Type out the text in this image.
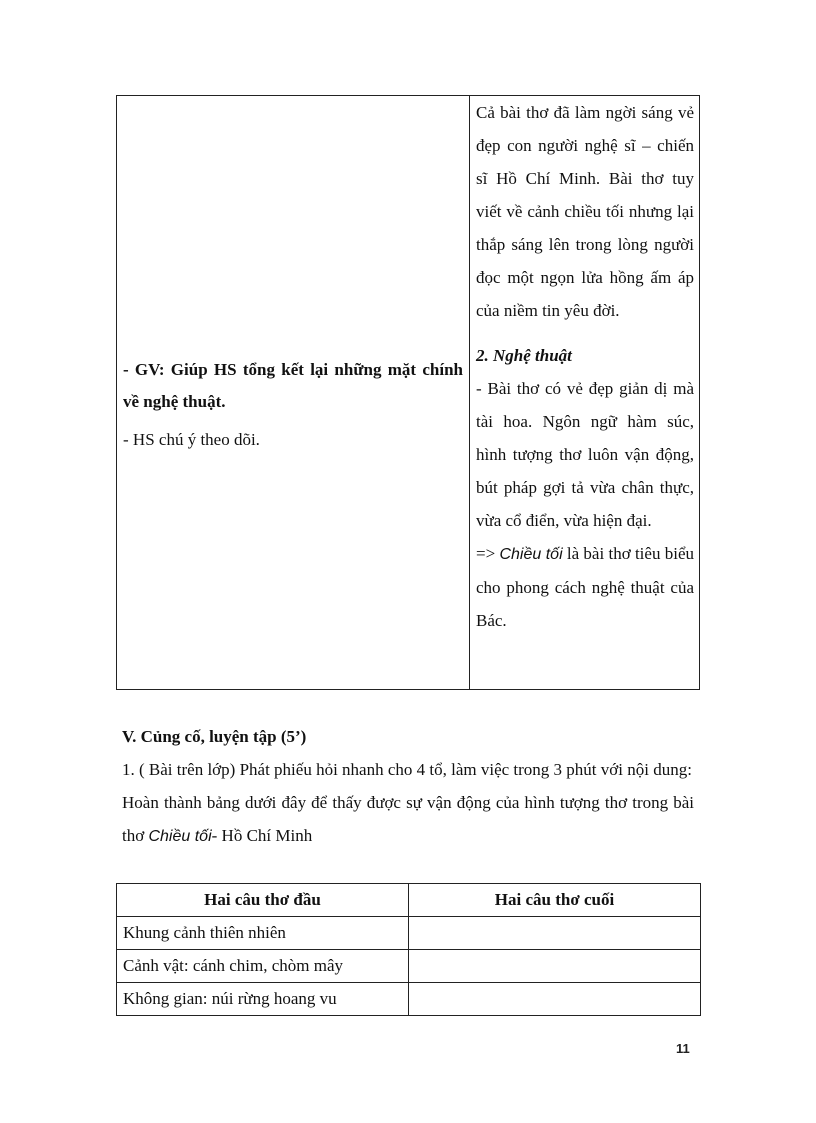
- GV: Giúp HS tổng kết lại những mặt chính về nghệ thuật.

- HS chú ý theo dõi.

Cả bài thơ đã làm ngời sáng vẻ đẹp con người nghệ sĩ – chiến sĩ Hồ Chí Minh. Bài thơ tuy viết về cảnh chiều tối nhưng lại thắp sáng lên trong lòng người đọc một ngọn lửa hồng ấm áp của niềm tin yêu đời.

2. Nghệ thuật

- Bài thơ có vẻ đẹp giản dị mà tài hoa. Ngôn ngữ hàm súc, hình tượng thơ luôn vận động, bút pháp gợi tả vừa chân thực, vừa cổ điển, vừa hiện đại.

=> Chiều tối là bài thơ tiêu biểu cho phong cách nghệ thuật của Bác.

V. Củng cố, luyện tập (5’)

1. ( Bài trên lớp) Phát phiếu hỏi nhanh cho 4 tổ, làm việc trong 3 phút với nội dung:

Hoàn thành bảng dưới đây để thấy được sự vận động của hình tượng thơ trong bài thơ Chiều tối- Hồ Chí Minh

Hai câu thơ đầu	Hai câu thơ cuối
Khung cảnh thiên nhiên	
Cảnh vật: cánh chim, chòm mây	
Không gian: núi rừng hoang vu	
11
